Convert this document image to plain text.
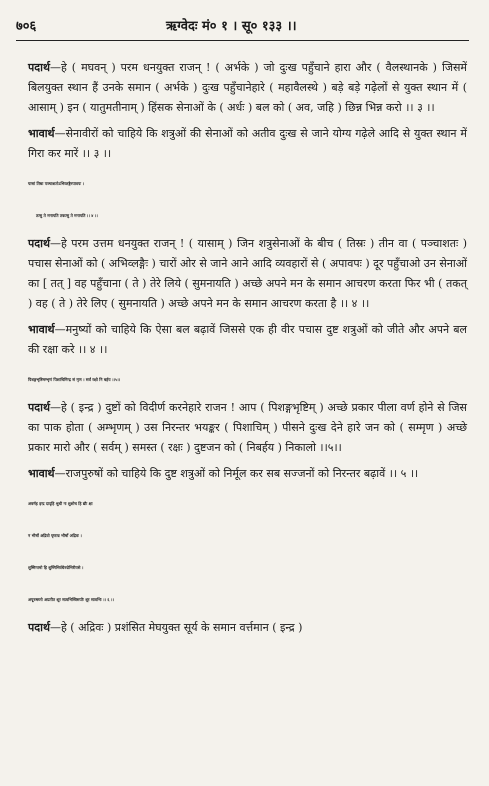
७०६	ऋग्वेदः मं० १ । सू० १३३ ।।

पदार्थ—हे ( मघवन् ) परम धनयुक्त राजन् ! ( अर्भके ) जो दुःख पहुँचाने हारा और ( वैलस्थानके ) जिसमें बिलयुक्त स्थान हैं उनके समान ( अर्भके ) दुःख पहुँचानेहारे ( महावैलस्थे ) बड़े बड़े गढ़ेलों से युक्त स्थान में ( आसाम् ) इन ( यातुमतीनाम् ) हिंसक सेनाओं के ( अर्धः ) बल को ( अव, जहि ) छिन्न भिन्न करो ।। ३ ।।

भावार्थ—सेनावीरों को चाहिये कि शत्रुओं की सेनाओं को अतीव दुःख से जाने योग्य गढ़ेले आदि से युक्त स्थान में गिरा कर मारें ।। ३ ।।

यासां तिस्रः पञ्चाशतोऽभिव्लङ्गैरपावपः ।
तत्सु ते मनायति तकत्सु ते मनायति ।। ४ ।।

पदार्थ—हे परम उत्तम धनयुक्त राजन् ! ( यासाम् ) जिन शत्रुसेनाओं के बीच ( तिस्रः ) तीन वा ( पञ्चाशतः ) पचास सेनाओं को ( अभिव्लङ्गैः ) चारों ओर से जाने आने आदि व्यवहारों से ( अपावपः ) दूर पहुँचाओ उन सेनाओं का [ तत् ] वह पहुँचाना ( ते ) तेरे लिये ( सुमनायति ) अच्छे अपने मन के समान आचरण करता फिर भी ( तकत् ) वह ( ते ) तेरे लिए ( सुमनायति ) अच्छे अपने मन के समान आचरण करता है ।। ४ ।।

भावार्थ—मनुष्यों को चाहिये कि ऐसा बल बढ़ावें जिससे एक ही वीर पचास दुष्ट शत्रुओं को जीते और अपने बल की रक्षा करे ।। ४ ।।

पिशङ्गभृष्टिमम्भृणं पिशाचिमिन्द्र सं मृण । सर्वं रक्षो नि बर्हय ।।५।।

पदार्थ—हे ( इन्द्र ) दुष्टों को विदीर्ण करनेहारे राजन ! आप ( पिशङ्गभृष्टिम् ) अच्छे प्रकार पीला वर्ण होने से जिस का पाक होता ( अम्भृणम् ) उस निरन्तर भयङ्कर ( पिशाचिम् ) पीसने दुःख देने हारे जन को ( सम्मृण ) अच्छे प्रकार मारो और ( सर्वम् ) समस्त ( रक्षः ) दुष्टजन को ( निबर्हय ) निकालो ।।५।।

भावार्थ—राजपुरुषों को चाहिये कि दुष्ट शत्रुओं को निर्मूल कर सब सज्जनों को निरन्तर बढ़ावें ।। ५ ।।

अवर्मह इन्द्र दादृहि श्रुधी नः शुशोच हि द्यौः क्षा
न भीषाँ अद्रिवो घृणान्न भीषाँ अद्रिवः ।
शुष्मिन्तमो हि शुष्मिभिर्वधैरुग्रेभिरीयसे ।
अपूरुषघ्नो अप्रतीत शूर सत्वभिस्त्रिसप्तैः शूर सत्वभिः ।। ६ ।।

पदार्थ—हे ( अद्रिवः ) प्रशंसित मेघयुक्त सूर्य के समान वर्त्तमान ( इन्द्र )
